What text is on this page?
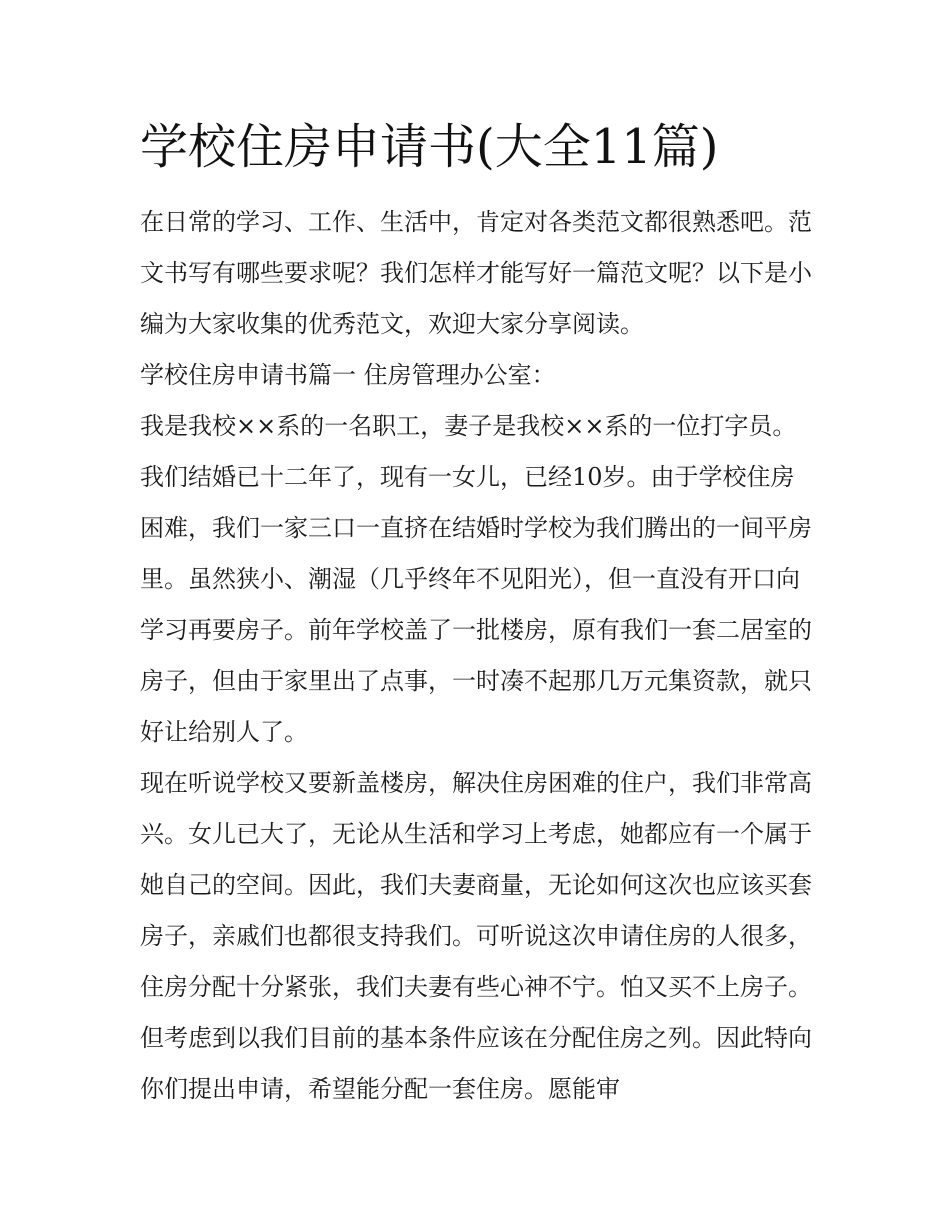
学校住房申请书(大全11篇)

在日常的学习、工作、生活中，肯定对各类范文都很熟悉吧。范文书写有哪些要求呢？我们怎样才能写好一篇范文呢？以下是小编为大家收集的优秀范文，欢迎大家分享阅读。

学校住房申请书篇一 住房管理办公室：

我是我校××系的一名职工，妻子是我校××系的一位打字员。我们结婚已十二年了，现有一女儿，已经10岁。由于学校住房困难，我们一家三口一直挤在结婚时学校为我们腾出的一间平房里。虽然狭小、潮湿（几乎终年不见阳光），但一直没有开口向学习再要房子。前年学校盖了一批楼房，原有我们一套二居室的房子，但由于家里出了点事，一时凑不起那几万元集资款，就只好让给别人了。

现在听说学校又要新盖楼房，解决住房困难的住户，我们非常高兴。女儿已大了，无论从生活和学习上考虑，她都应有一个属于她自己的空间。因此，我们夫妻商量，无论如何这次也应该买套房子，亲戚们也都很支持我们。可听说这次申请住房的人很多，住房分配十分紧张，我们夫妻有些心神不宁。怕又买不上房子。但考虑到以我们目前的基本条件应该在分配住房之列。因此特向你们提出申请，希望能分配一套住房。愿能审
